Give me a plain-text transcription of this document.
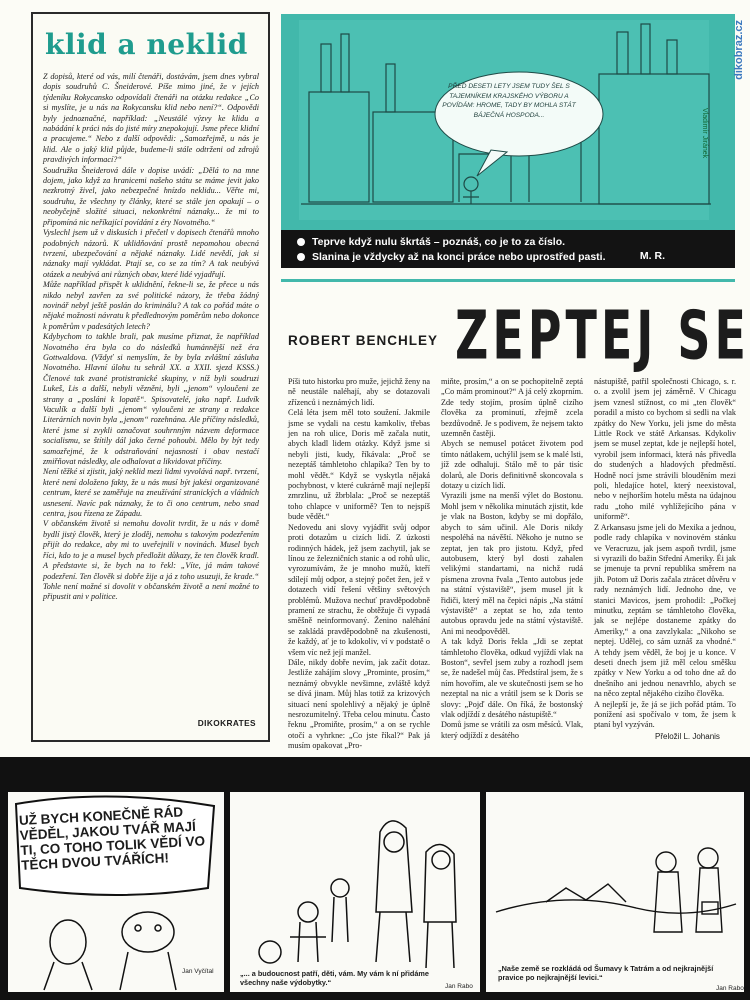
klid a neklid
Z dopisů, které od vás, milí čtenáři, dostávám, jsem dnes vybral dopis soudruhů C. Šneiderové. Píše mimo jiné, že v jejích týdeníku Rokycansko odpovídali čtenáři na otázku redakce „Co si myslíte, je u nás na Rokycansku klid nebo není?“. Odpovědi byly jednoznačné, například: „Neustálé výzvy ke klidu a nabádání k práci nás do jisté míry znepokojují. Jsme přece klidní a pracujeme.“ Nebo z další odpovědi: „Samozřejmě, u nás je klid. Ale o jaký klid půjde, budeme-li stále odtrženi od zdrojů pravdivých informací?“
Soudružka Šneiderová dále v dopise uvádí: „Dělá to na mne dojem, jako když za hranicemi našeho státu se máme jevit jako nezkrotný živel, jako nebezpečné hnízdo neklidu... Věřte mi, soudruhu, že všechny ty články, které se stále jen opakují – o neobyčejně složité situaci, nekonkrétní náznaky... že mi to připomíná nic neříkající povídání z éry Novotného.“
Vyslechl jsem už v diskusích i přečetl v dopisech čtenářů mnoho podobných názorů. K uklidňování prostě nepomohou obecná tvrzení, ubezpečování a nějaké náznaky. Lidé nevědí, jak si náznaky mají vykládat. Ptají se, co se za tím? A tak neubývá otázek a neubývá ani různých obav, které lidé vyjadřují.
Může například přispět k uklidnění, řekne-li se, že přece u nás nikdo nebyl zavřen za své politické názory, že třeba žádný novinář nebyl ještě poslán do kriminálu? A tak co pořád máte o nějaké možnosti návratu k předlednovým poměrům nebo dokonce k poměrům v padesátých letech?
Kdybychom to takhle brali, pak musíme přiznat, že například Novotného éra byla co do následků humánnější než éra Gottwaldova. (Vždyť si nemyslím, že by byla zvláštní zásluha Novotného. Hlavní úlohu tu sehrál XX. a XXII. sjezd KSSS.) Členové tak zvané protistranické skupiny, v níž byli soudruzi Lukeš, Lis a další, nebyli vězněni, byli „jenom“ vyloučeni ze strany a „posláni k lopatě“. Spisovatelé, jako např. Ludvík Vaculík a další byli „jenom“ vyloučeni ze strany a redakce Literárních novin byla „jenom“ rozehnána. Ale příčiny následků, které jsme si zvykli označovat souhrnným názvem deformace socialismu, se štítily dál jako černé pohoubi. Mělo by být tedy samozřejmé, že k odstraňování nejasností i obav nestačí zmiřňovat následky, ale odhalovat a likvidovat příčiny.
Není těžké si zjistit, jaký neklid mezi lidmi vyvolává např. tvrzení, které není doloženo fakty, že u nás musí být jakési organizované centrum, které se zaměřuje na zneužívání stranických a vládních usnesení. Navíc pak náznaky, že to či ono centrum, nebo snad centra, jsou řízena ze Západu.
V občanském životě si nemohu dovolit tvrdit, že u nás v domě bydlí jistý člověk, který je zloděj, nemohu s takovým podezřením přijít do redakce, aby mi to uveřejnili v novinách. Musel bych říci, kdo to je a musel bych předložit důkazy, že ten člověk kradl. A představte si, že bych na to řekl: „Víte, já mám takové podezření. Ten člověk si dobře žije a já z toho usuzuji, že krade.“ Tohle není možné si dovolit v občanském životě a není možné to připustit ani v politice.
DIKOKRATES
PŘED DESETI LETY JSEM TUDY ŠEL S TAJEMNÍKEM KRAJSKÉHO VÝBORU A POVÍDÁM: HROME, TADY BY MOHLA STÁT BÁJEČNÁ HOSPODA...	Vladimír Jiránek
Teprve když nulu škrtáš – poznáš, co je to za číslo.
Slanina je vždycky až na konci práce nebo uprostřed pasti.	M. R.
dikobraz.cz
ROBERT BENCHLEY ZEPTEJ SE
Píši tuto historku pro muže, jejichž ženy na ně neustále naléhají, aby se dotazovali zřízenců i neznámých lidí.
Celá léta jsem měl toto soužení. Jakmile jsme se vydali na cestu kamkoliv, třebas jen na roh ulice, Doris mě začala nutit, abych kladl lidem otázky. Když jsme si nebyli jisti, kudy, říkávala: „Proč se nezeptáš támhletoho chlapíka? Ten by to mohl vědět.“ Když se vyskytla nějaká pochybnost, v které cukrárně mají nejlepší zmrzlinu, už žbrblala: „Proč se nezeptáš toho chlapce v uniformě? Ten to nejspíš bude vědět.“
Nedovedu ani slovy vyjádřit svůj odpor proti dotazům u cizích lidí. Z úzkosti rodinných hádek, jež jsem zachytil, jak se línou ze železničních stanic a od rohů ulic, vyrozumívám, že je mnoho mužů, kteří sdílejí můj odpor, a stejný počet žen, jež v dotazech vidí řešení většiny světových problémů. Mužova nechuť pravděpodobně pramení ze strachu, že obtěžuje či vypadá směšně neinformovaný. Ženino naléhání se zakládá pravděpodobně na zkušenosti, že každý, ať je to kdokoliv, ví v podstatě o všem víc než její manžel.
Dále, nikdy dobře nevím, jak začít dotaz. Jestliže zahájím slovy „Prominte, prosím,“ neznámý obvykle nevšimne, zvláště když se dívá jinam. Můj hlas totiž za krizových situací není spolehlivý a nějaký je úplně nesrozumitelný. Třeba celou minutu. Často řeknu „Promiňte, prosím,“ a on se rychle otočí a vyhrkne: „Co jste říkal?“ Pak já musím opakovat „Pro-
miňte, prosím,“ a on se pochopitelně zeptá „Co mám prominout?“ A já celý zkoprním. Zde tedy stojím, prosím úplně cizího člověka za prominutí, zřejmě zcela bezdůvodně. Je s podivem, že nejsem takto uzemněn častěji.
Abych se nemusel potácet životem pod tímto nátlakem, uchýlil jsem se k malé lsti, jíž zde odhaluji. Stálo mě to pár tisíc dolarů, ale Doris definitivně skoncovala s dotazy u cizích lidí.
Vyrazili jsme na menší výlet do Bostonu. Mohl jsem v několika minutách zjistit, kde je vlak na Boston, kdyby se mi dopřálo, abych to sám učinil. Ale Doris nikdy nespoléhá na návěští. Někoho je nutno se zeptat, jen tak pro jistotu. Když, před autobusem, který byl dosti zahalen velikými standartami, na nichž rudá písmena zrovna řvala „Tento autobus jede na státní výstaviště“, jsem musel jít k řidiči, který měl na čepici nápis „Na státní výstaviště“ a zeptat se ho, zda tento autobus opravdu jede na státní výstaviště. Ani mi neodpověděl.
A tak když Doris řekla „Jdi se zeptat támhletoho člověka, odkud vyjíždí vlak na Boston“, sevřel jsem zuby a rozhodl jsem se, že nadešel můj čas. Předstíral jsem, že s ním hovořím, ale ve skutečnosti jsem se ho nezeptal na nic a vrátil jsem se k Doris se slovy: „Pojď dále. On říká, že bostonský vlak odjíždí z desátého nástupiště.“
Domů jsme se vrátili za osm měsíců. Vlak, který odjíždí z desátého
nástupiště, patřil společnosti Chicago, s. r. o. a zvolil jsem jej záměrně. V Chicagu jsem vznesl stížnost, co mi „ten člověk“ poradil a místo co bychom si sedli na vlak zpátky do New Yorku, jeli jsme do města Little Rock ve státě Arkansas. Kdykoliv jsem se musel zeptat, kde je nejlepší hotel, vyrobil jsem informaci, která nás přivedla do studených a hladových předměstí. Hodně nocí jsme strávili blouděním mezi poli, hledajíce hotel, který neexistoval, nebo v nejhorším hotelu města na údajnou radu „toho milé vyhlížejícího pána v uniformě“.
Z Arkansasu jsme jeli do Mexika a jednou, podle rady chlapíka v novinovém stánku ve Veracruzu, jak jsem aspoň tvrdil, jsme si vyrazili do bažin Střední Ameriky. Éi jak se jmenuje ta první republika směrem na jih. Potom už Doris začala ztrácet důvěru v rady neznámých lidí. Jednoho dne, ve stanici Mavicos, jsem prohodil: „Počkej minutku, zeptám se támhletoho člověka, jak se nejlépe dostaneme zpátky do Ameriky,“ a ona zavzlykala: „Nikoho se neptej. Udělej, co sám uznáš za vhodné.“ A tehdy jsem věděl, že boj je u konce. V deseti dnech jsem již měl celou směšku zpátky v New Yorku a od toho dne až do dnešního ani jednou nenavrhlo, abych se na něco zeptal nějakého cizího člověka.
A nejlepší je, že já se jich pořád ptám. To ponížení asi spočívalo v tom, že jsem k ptaní byl vyzýván.
Přeložil L. Johanis
UŽ BYCH KONEČNĚ RÁD VĚDĚL, JAKOU TVÁŘ MAJÍ TI, CO TOHO TOLIK VĚDÍ VO TĚCH DVOU TVÁŘÍCH!
Jan Vyčítal	„... a budoucnost patří, děti, vám. My vám k ní přidáme všechny naše výdobytky.“	Jan Rabo
„Naše země se rozkládá od Šumavy k Tatrám a od nejkrajnější pravice po nejkrajnější levici.“
Jan Rabo
